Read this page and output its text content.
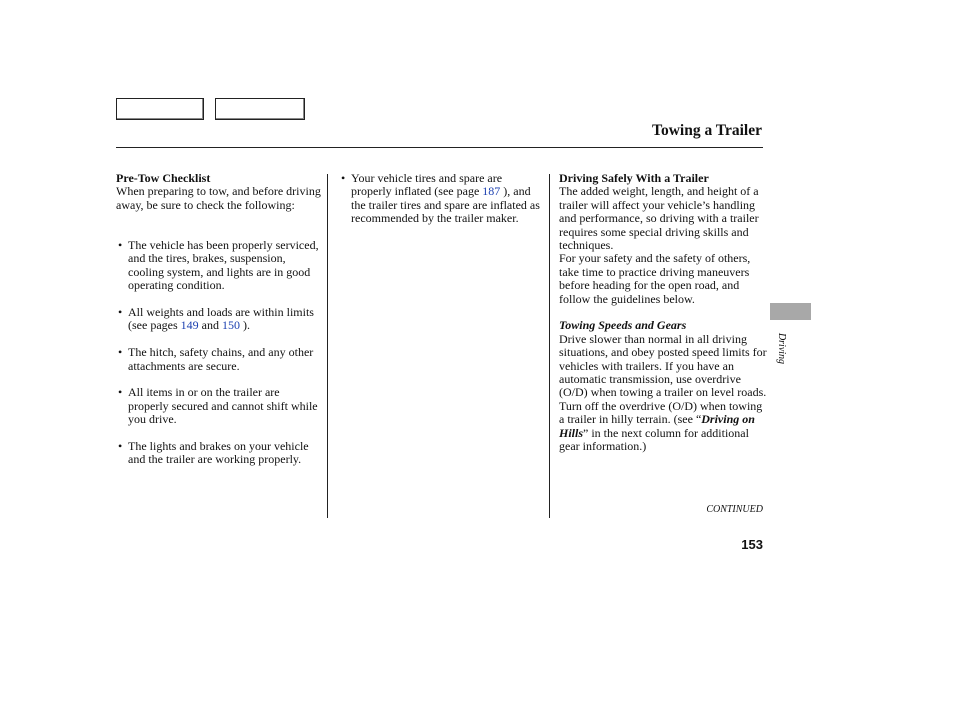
Towing a Trailer

Pre-Tow Checklist

When preparing to tow, and before driving away, be sure to check the following:

• The vehicle has been properly serviced, and the tires, brakes, suspension, cooling system, and lights are in good operating condition.
• All weights and loads are within limits (see pages 149 and 150 ).
• The hitch, safety chains, and any other attachments are secure.
• All items in or on the trailer are properly secured and cannot shift while you drive.
• The lights and brakes on your vehicle and the trailer are working properly.
• Your vehicle tires and spare are properly inflated (see page 187 ), and the trailer tires and spare are inflated as recommended by the trailer maker.

Driving Safely With a Trailer

The added weight, length, and height of a trailer will affect your vehicle’s handling and performance, so driving with a trailer requires some special driving skills and techniques.

For your safety and the safety of others, take time to practice driving maneuvers before heading for the open road, and follow the guidelines below.

Towing Speeds and Gears

Drive slower than normal in all driving situations, and obey posted speed limits for vehicles with trailers. If you have an automatic transmission, use overdrive (O/D) when towing a trailer on level roads. Turn off the overdrive (O/D) when towing a trailer in hilly terrain. (see “Driving on Hills” in the next column for additional gear information.)

CONTINUED
153
Driving
